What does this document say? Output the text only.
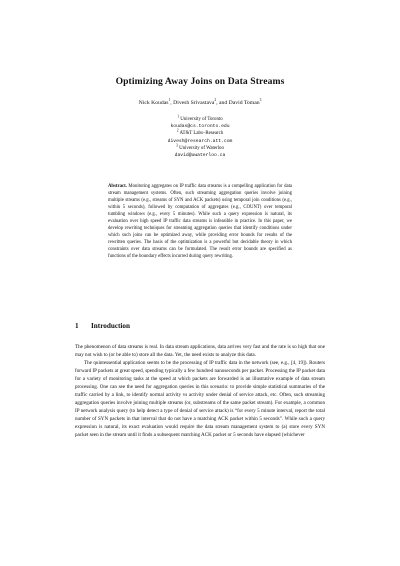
Optimizing Away Joins on Data Streams
Nick Koudas$^1$, Divesh Srivastava$^2$, and David Toman$^3$
$^1$ University of Toronto
koudas@cs.toronto.edu
$^2$ AT&T Labs–Research
divesh@research.att.com
$^3$ University of Waterloo
david@uwaterloo.ca
Abstract. Monitoring aggregates on IP traffic data streams is a compelling application for data stream management systems. Often, such streaming aggregation queries involve joining multiple streams (e.g., streams of SYN and ACK packets) using temporal join conditions (e.g., within 5 seconds), followed by computation of aggregates (e.g., COUNT) over temporal tumbling windows (e.g., every 5 minutes). While such a query expression is natural, its evaluation over high speed IP traffic data streams is infeasible in practice. In this paper, we develop rewriting techniques for streaming aggregation queries that identify conditions under which such joins can be optimized away, while providing error bounds for results of the rewritten queries. The basis of the optimization is a powerful but decidable theory in which constraints over data streams can be formulated. The result error bounds are specified as functions of the boundary effects incurred during query rewriting.
1 Introduction

The phenomenon of data streams is real. In data stream applications, data arrives very fast and the rate is so high that one may not wish to (or be able to) store all the data. Yet, the need exists to analyze this data.

The quintessential application seems to be the processing of IP traffic data in the network (see, e.g., [4, 19]). Routers forward IP packets at great speed, spending typically a few hundred nanoseconds per packet. Processing the IP packet data for a variety of monitoring tasks at the speed at which packets are forwarded is an illustrative example of data stream processing. One can see the need for aggregation queries in this scenario: to provide simple statistical summaries of the traffic carried by a link, to identify normal activity vs activity under denial of service attack, etc. Often, such streaming aggregation queries involve joining multiple streams (or, substreams of the same packet stream). For example, a common IP network analysis query (to help detect a type of denial of service attack) is “for every 5 minute interval, report the total number of SYN packets in that interval that do not have a matching ACK packet within 5 seconds”. While such a query expression is natural, its exact evaluation would require the data stream management system to (a) store every SYN packet seen in the stream until it finds a subsequent matching ACK packet or 5 seconds have elapsed (whichever
